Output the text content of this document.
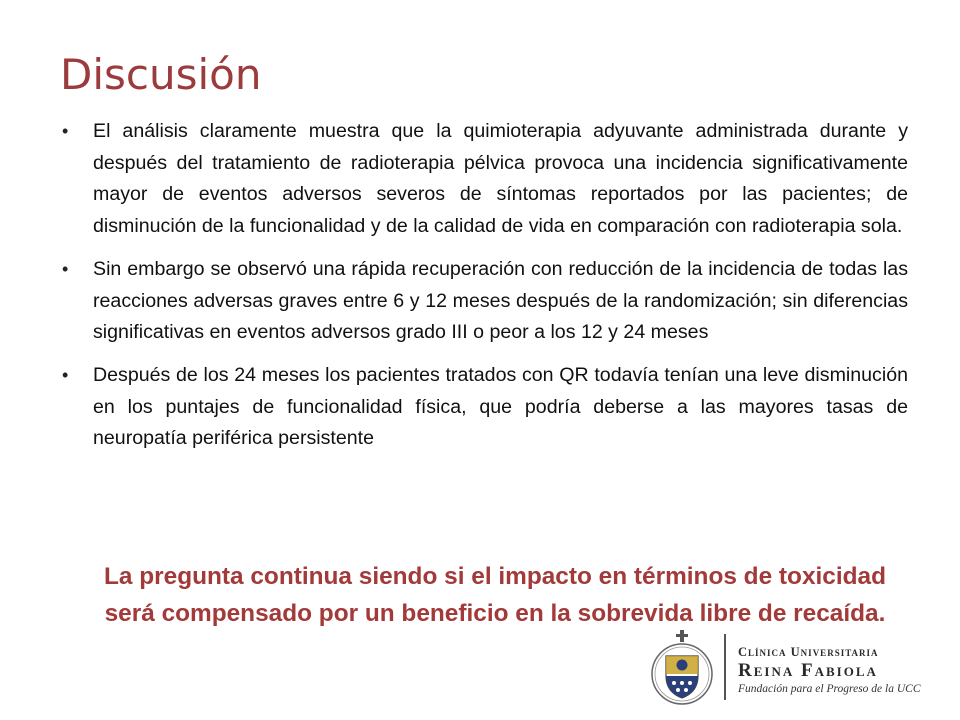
Discusión
• El análisis claramente muestra que la quimioterapia adyuvante administrada durante y después del tratamiento de radioterapia pélvica provoca una incidencia significativamente mayor de eventos adversos severos de síntomas reportados por las pacientes; de disminución de la funcionalidad y de la calidad de vida en comparación con radioterapia sola.
• Sin embargo se observó una rápida recuperación con reducción de la incidencia de todas las reacciones adversas graves entre 6 y 12 meses después de la randomización; sin diferencias significativas en eventos adversos grado III o peor a los 12 y 24 meses
• Después de los 24 meses los pacientes tratados con QR todavía tenían una leve disminución en los puntajes de funcionalidad física, que podría deberse a las mayores tasas de neuropatía periférica persistente
La pregunta continua siendo si el impacto en términos de toxicidad será compensado por un beneficio en la sobrevida libre de recaída.
Clínica Universitaria
Reina Fabiola
Fundación para el Progreso de la UCC
